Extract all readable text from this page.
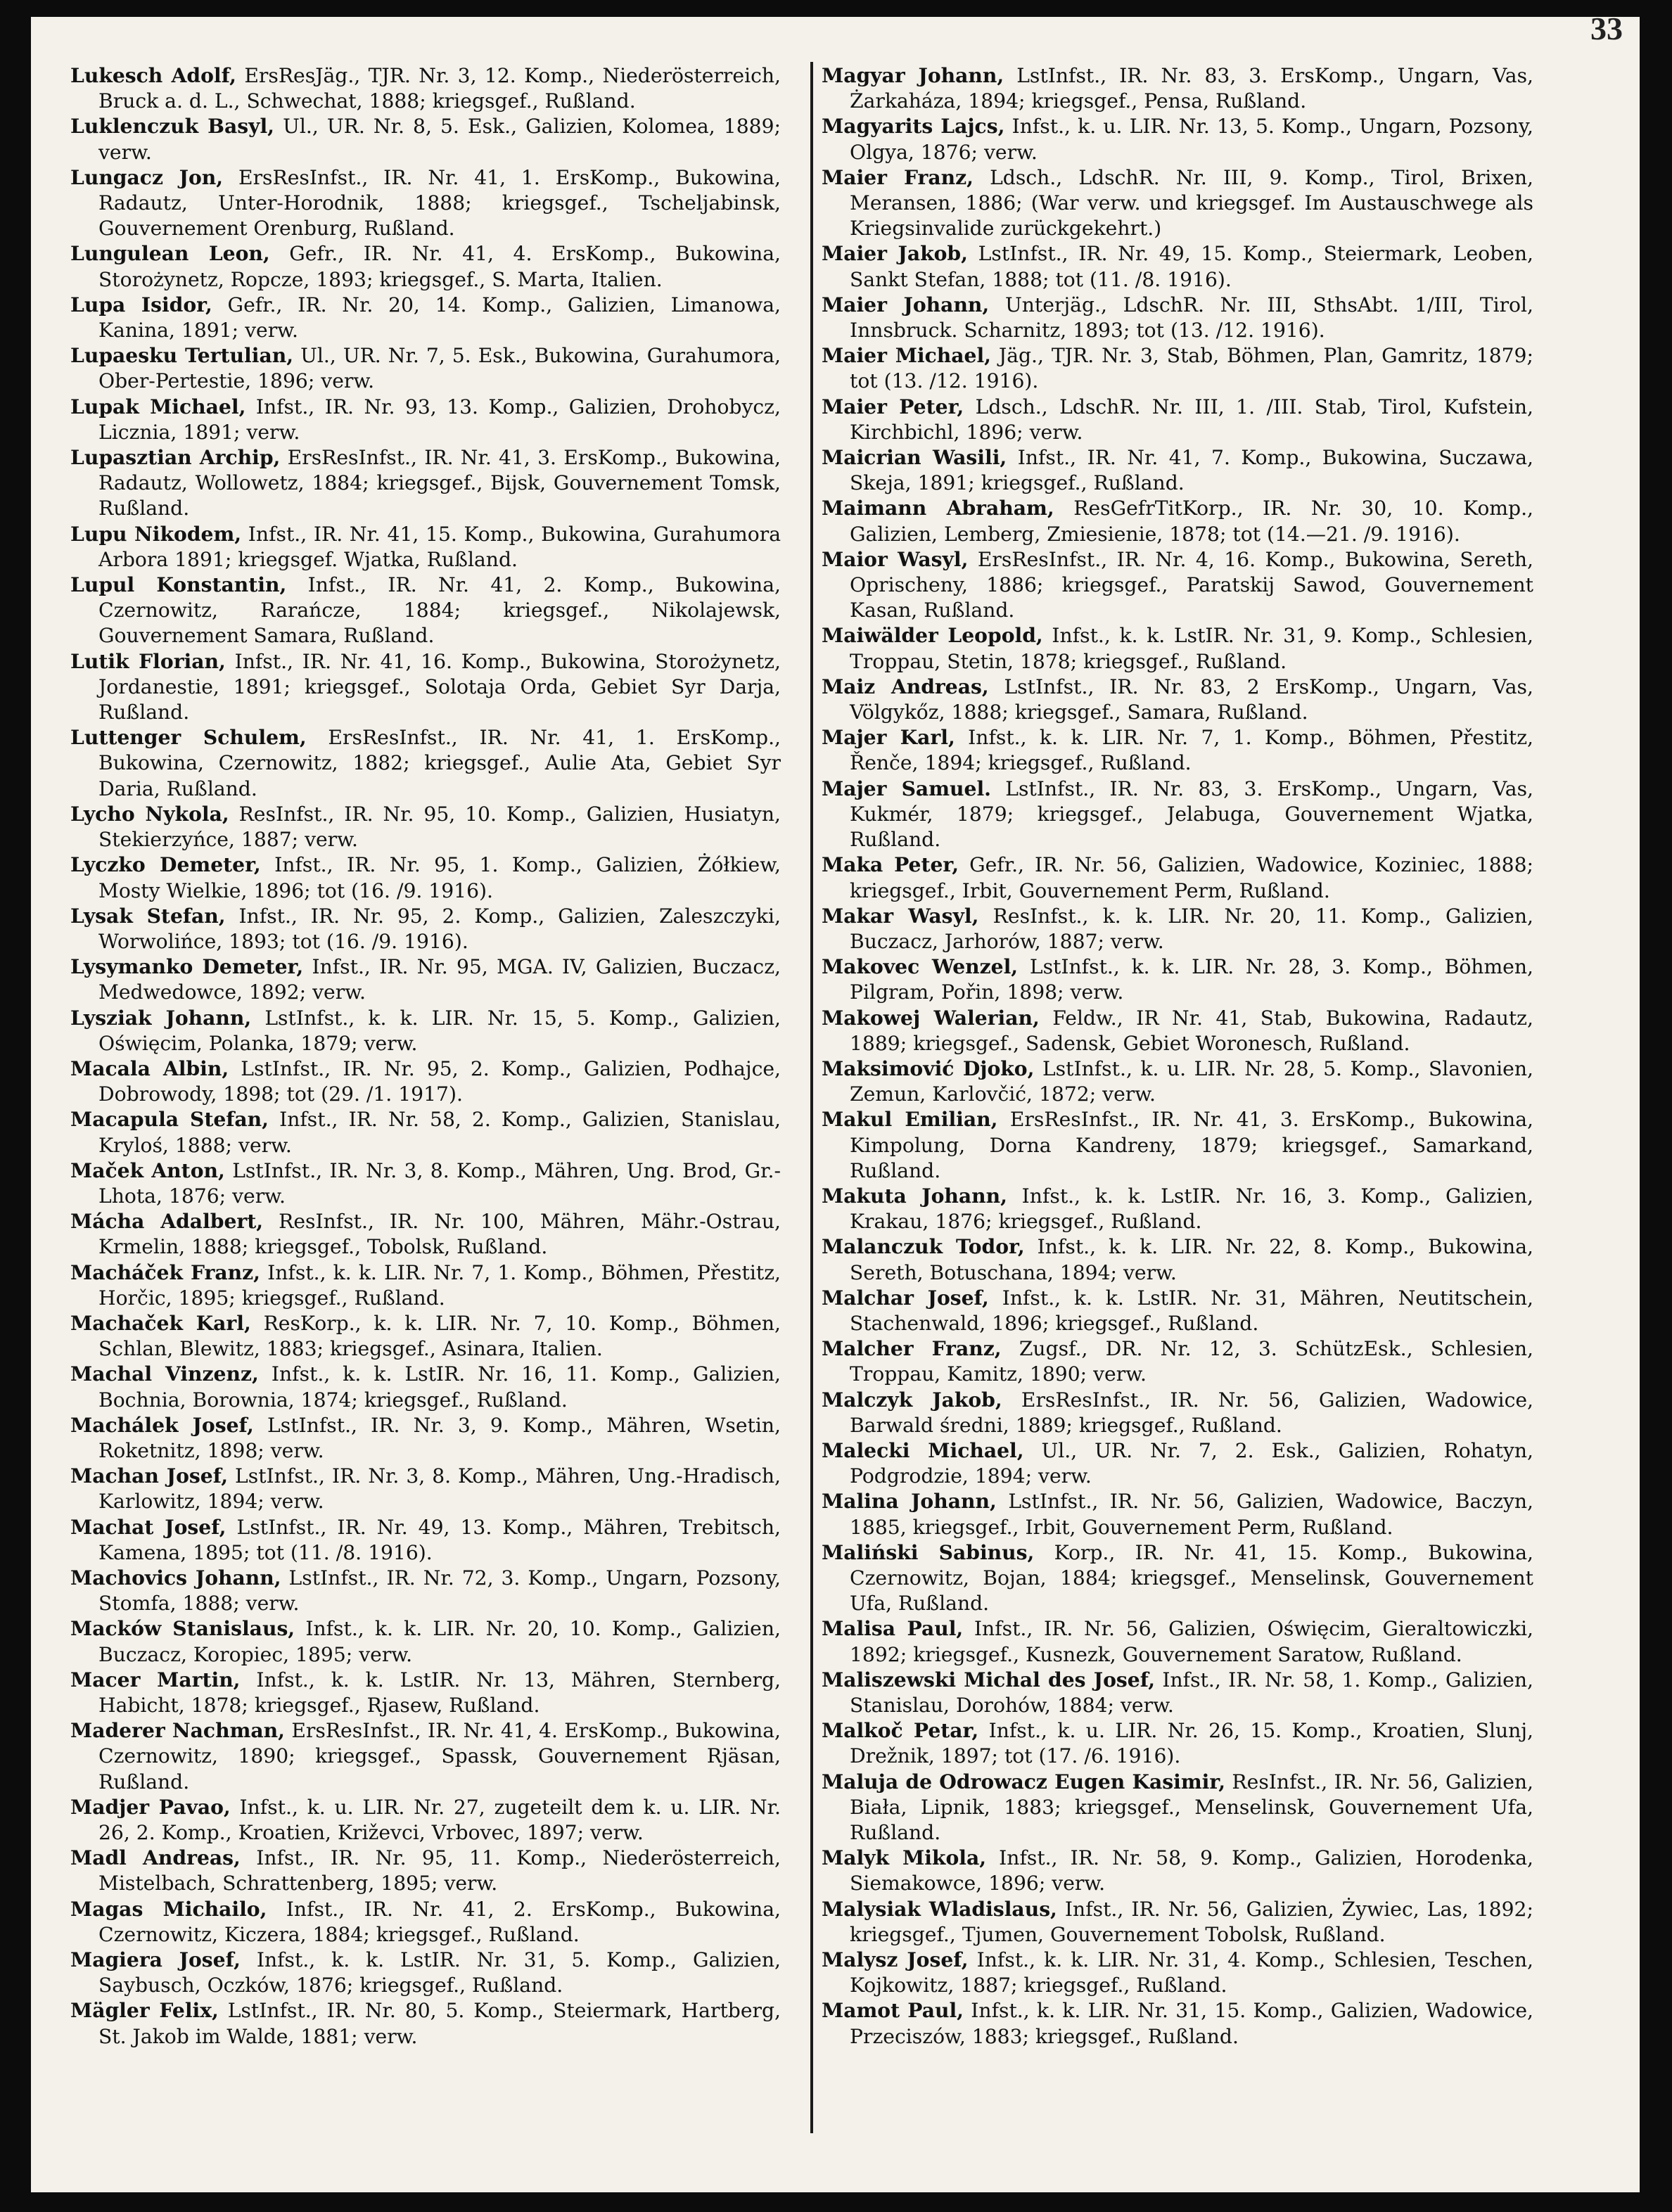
33

Lukesch Adolf, ErsResJäg., TJR. Nr. 3, 12. Komp., Niederösterreich, Bruck a. d. L., Schwechat, 1888; kriegsgef., Rußland.

Luklenczuk Basyl, Ul., UR. Nr. 8, 5. Esk., Galizien, Kolomea, 1889; verw.

Lungacz Jon, ErsResInfst., IR. Nr. 41, 1. ErsKomp., Bukowina, Radautz, Unter-Horodnik, 1888; kriegsgef., Tscheljabinsk, Gouvernement Orenburg, Rußland.

Lungulean Leon, Gefr., IR. Nr. 41, 4. ErsKomp., Bukowina, Storożynetz, Ropcze, 1893; kriegsgef., S. Marta, Italien.

Lupa Isidor, Gefr., IR. Nr. 20, 14. Komp., Galizien, Limanowa, Kanina, 1891; verw.

Lupaesku Tertulian, Ul., UR. Nr. 7, 5. Esk., Bukowina, Gurahumora, Ober-Pertestie, 1896; verw.

Lupak Michael, Infst., IR. Nr. 93, 13. Komp., Galizien, Drohobycz, Licznia, 1891; verw.

Lupasztian Archip, ErsResInfst., IR. Nr. 41, 3. ErsKomp., Bukowina, Radautz, Wollowetz, 1884; kriegsgef., Bijsk, Gouvernement Tomsk, Rußland.

Lupu Nikodem, Infst., IR. Nr. 41, 15. Komp., Bukowina, Gurahumora Arbora 1891; kriegsgef. Wjatka, Rußland.

Lupul Konstantin, Infst., IR. Nr. 41, 2. Komp., Bukowina, Czernowitz, Rarańcze, 1884; kriegsgef., Nikolajewsk, Gouvernement Samara, Rußland.

Lutik Florian, Infst., IR. Nr. 41, 16. Komp., Bukowina, Storożynetz, Jordanestie, 1891; kriegsgef., Solotaja Orda, Gebiet Syr Darja, Rußland.

Luttenger Schulem, ErsResInfst., IR. Nr. 41, 1. ErsKomp., Bukowina, Czernowitz, 1882; kriegsgef., Aulie Ata, Gebiet Syr Daria, Rußland.

Lycho Nykola, ResInfst., IR. Nr. 95, 10. Komp., Galizien, Husiatyn, Stekierzyńce, 1887; verw.

Lyczko Demeter, Infst., IR. Nr. 95, 1. Komp., Galizien, Żółkiew, Mosty Wielkie, 1896; tot (16. /9. 1916).

Lysak Stefan, Infst., IR. Nr. 95, 2. Komp., Galizien, Zaleszczyki, Worwolińce, 1893; tot (16. /9. 1916).

Lysymanko Demeter, Infst., IR. Nr. 95, MGA. IV, Galizien, Buczacz, Medwedowce, 1892; verw.

Lysziak Johann, LstInfst., k. k. LIR. Nr. 15, 5. Komp., Galizien, Oświęcim, Polanka, 1879; verw.

Macala Albin, LstInfst., IR. Nr. 95, 2. Komp., Galizien, Podhajce, Dobrowody, 1898; tot (29. /1. 1917).

Macapula Stefan, Infst., IR. Nr. 58, 2. Komp., Galizien, Stanislau, Kryloś, 1888; verw.

Maček Anton, LstInfst., IR. Nr. 3, 8. Komp., Mähren, Ung. Brod, Gr.-Lhota, 1876; verw.

Mácha Adalbert, ResInfst., IR. Nr. 100, Mähren, Mähr.-Ostrau, Krmelin, 1888; kriegsgef., Tobolsk, Rußland.

Macháček Franz, Infst., k. k. LIR. Nr. 7, 1. Komp., Böhmen, Přestitz, Horčic, 1895; kriegsgef., Rußland.

Machaček Karl, ResKorp., k. k. LIR. Nr. 7, 10. Komp., Böhmen, Schlan, Blewitz, 1883; kriegsgef., Asinara, Italien.

Machal Vinzenz, Infst., k. k. LstIR. Nr. 16, 11. Komp., Galizien, Bochnia, Borownia, 1874; kriegsgef., Rußland.

Machálek Josef, LstInfst., IR. Nr. 3, 9. Komp., Mähren, Wsetin, Roketnitz, 1898; verw.

Machan Josef, LstInfst., IR. Nr. 3, 8. Komp., Mähren, Ung.-Hradisch, Karlowitz, 1894; verw.

Machat Josef, LstInfst., IR. Nr. 49, 13. Komp., Mähren, Trebitsch, Kamena, 1895; tot (11. /8. 1916).

Machovics Johann, LstInfst., IR. Nr. 72, 3. Komp., Ungarn, Pozsony, Stomfa, 1888; verw.

Macków Stanislaus, Infst., k. k. LIR. Nr. 20, 10. Komp., Galizien, Buczacz, Koropiec, 1895; verw.

Macer Martin, Infst., k. k. LstIR. Nr. 13, Mähren, Sternberg, Habicht, 1878; kriegsgef., Rjasew, Rußland.

Maderer Nachman, ErsResInfst., IR. Nr. 41, 4. ErsKomp., Bukowina, Czernowitz, 1890; kriegsgef., Spassk, Gouvernement Rjäsan, Rußland.

Madjer Pavao, Infst., k. u. LIR. Nr. 27, zugeteilt dem k. u. LIR. Nr. 26, 2. Komp., Kroatien, Križevci, Vrbovec, 1897; verw.

Madl Andreas, Infst., IR. Nr. 95, 11. Komp., Niederösterreich, Mistelbach, Schrattenberg, 1895; verw.

Magas Michailo, Infst., IR. Nr. 41, 2. ErsKomp., Bukowina, Czernowitz, Kiczera, 1884; kriegsgef., Rußland.

Magiera Josef, Infst., k. k. LstIR. Nr. 31, 5. Komp., Galizien, Saybusch, Oczków, 1876; kriegsgef., Rußland.

Mägler Felix, LstInfst., IR. Nr. 80, 5. Komp., Steiermark, Hartberg, St. Jakob im Walde, 1881; verw.

Magyar Johann, LstInfst., IR. Nr. 83, 3. ErsKomp., Ungarn, Vas, Żarkaháza, 1894; kriegsgef., Pensa, Rußland.

Magyarits Lajcs, Infst., k. u. LIR. Nr. 13, 5. Komp., Ungarn, Pozsony, Olgya, 1876; verw.

Maier Franz, Ldsch., LdschR. Nr. III, 9. Komp., Tirol, Brixen, Meransen, 1886; (War verw. und kriegsgef. Im Austauschwege als Kriegsinvalide zurückgekehrt.)

Maier Jakob, LstInfst., IR. Nr. 49, 15. Komp., Steiermark, Leoben, Sankt Stefan, 1888; tot (11. /8. 1916).

Maier Johann, Unterjäg., LdschR. Nr. III, SthsAbt. 1/III, Tirol, Innsbruck. Scharnitz, 1893; tot (13. /12. 1916).

Maier Michael, Jäg., TJR. Nr. 3, Stab, Böhmen, Plan, Gamritz, 1879; tot (13. /12. 1916).

Maier Peter, Ldsch., LdschR. Nr. III, 1. /III. Stab, Tirol, Kufstein, Kirchbichl, 1896; verw.

Maicrian Wasili, Infst., IR. Nr. 41, 7. Komp., Bukowina, Suczawa, Skeja, 1891; kriegsgef., Rußland.

Maimann Abraham, ResGefrTitKorp., IR. Nr. 30, 10. Komp., Galizien, Lemberg, Zmiesienie, 1878; tot (14.—21. /9. 1916).

Maior Wasyl, ErsResInfst., IR. Nr. 4, 16. Komp., Bukowina, Sereth, Oprischeny, 1886; kriegsgef., Paratskij Sawod, Gouvernement Kasan, Rußland.

Maiwälder Leopold, Infst., k. k. LstIR. Nr. 31, 9. Komp., Schlesien, Troppau, Stetin, 1878; kriegsgef., Rußland.

Maiz Andreas, LstInfst., IR. Nr. 83, 2 ErsKomp., Ungarn, Vas, Völgykőz, 1888; kriegsgef., Samara, Rußland.

Majer Karl, Infst., k. k. LIR. Nr. 7, 1. Komp., Böhmen, Přestitz, Řenče, 1894; kriegsgef., Rußland.

Majer Samuel. LstInfst., IR. Nr. 83, 3. ErsKomp., Ungarn, Vas, Kukmér, 1879; kriegsgef., Jelabuga, Gouvernement Wjatka, Rußland.

Maka Peter, Gefr., IR. Nr. 56, Galizien, Wadowice, Koziniec, 1888; kriegsgef., Irbit, Gouvernement Perm, Rußland.

Makar Wasyl, ResInfst., k. k. LIR. Nr. 20, 11. Komp., Galizien, Buczacz, Jarhorów, 1887; verw.

Makovec Wenzel, LstInfst., k. k. LIR. Nr. 28, 3. Komp., Böhmen, Pilgram, Pořin, 1898; verw.

Makowej Walerian, Feldw., IR Nr. 41, Stab, Bukowina, Radautz, 1889; kriegsgef., Sadensk, Gebiet Woronesch, Rußland.

Maksimović Djoko, LstInfst., k. u. LIR. Nr. 28, 5. Komp., Slavonien, Zemun, Karlovčić, 1872; verw.

Makul Emilian, ErsResInfst., IR. Nr. 41, 3. ErsKomp., Bukowina, Kimpolung, Dorna Kandreny, 1879; kriegsgef., Samarkand, Rußland.

Makuta Johann, Infst., k. k. LstIR. Nr. 16, 3. Komp., Galizien, Krakau, 1876; kriegsgef., Rußland.

Malanczuk Todor, Infst., k. k. LIR. Nr. 22, 8. Komp., Bukowina, Sereth, Botuschana, 1894; verw.

Malchar Josef, Infst., k. k. LstIR. Nr. 31, Mähren, Neutitschein, Stachenwald, 1896; kriegsgef., Rußland.

Malcher Franz, Zugsf., DR. Nr. 12, 3. SchützEsk., Schlesien, Troppau, Kamitz, 1890; verw.

Malczyk Jakob, ErsResInfst., IR. Nr. 56, Galizien, Wadowice, Barwald średni, 1889; kriegsgef., Rußland.

Malecki Michael, Ul., UR. Nr. 7, 2. Esk., Galizien, Rohatyn, Podgrodzie, 1894; verw.

Malina Johann, LstInfst., IR. Nr. 56, Galizien, Wadowice, Baczyn, 1885, kriegsgef., Irbit, Gouvernement Perm, Rußland.

Maliński Sabinus, Korp., IR. Nr. 41, 15. Komp., Bukowina, Czernowitz, Bojan, 1884; kriegsgef., Menselinsk, Gouvernement Ufa, Rußland.

Malisa Paul, Infst., IR. Nr. 56, Galizien, Oświęcim, Gieraltowiczki, 1892; kriegsgef., Kusnezk, Gouvernement Saratow, Rußland.

Maliszewski Michal des Josef, Infst., IR. Nr. 58, 1. Komp., Galizien, Stanislau, Dorohów, 1884; verw.

Malkoč Petar, Infst., k. u. LIR. Nr. 26, 15. Komp., Kroatien, Slunj, Drežnik, 1897; tot (17. /6. 1916).

Maluja de Odrowacz Eugen Kasimir, ResInfst., IR. Nr. 56, Galizien, Biała, Lipnik, 1883; kriegsgef., Menselinsk, Gouvernement Ufa, Rußland.

Malyk Mikola, Infst., IR. Nr. 58, 9. Komp., Galizien, Horodenka, Siemakowce, 1896; verw.

Malysiak Wladislaus, Infst., IR. Nr. 56, Galizien, Żywiec, Las, 1892; kriegsgef., Tjumen, Gouvernement Tobolsk, Rußland.

Malysz Josef, Infst., k. k. LIR. Nr. 31, 4. Komp., Schlesien, Teschen, Kojkowitz, 1887; kriegsgef., Rußland.

Mamot Paul, Infst., k. k. LIR. Nr. 31, 15. Komp., Galizien, Wadowice, Przeciszów, 1883; kriegsgef., Rußland.
